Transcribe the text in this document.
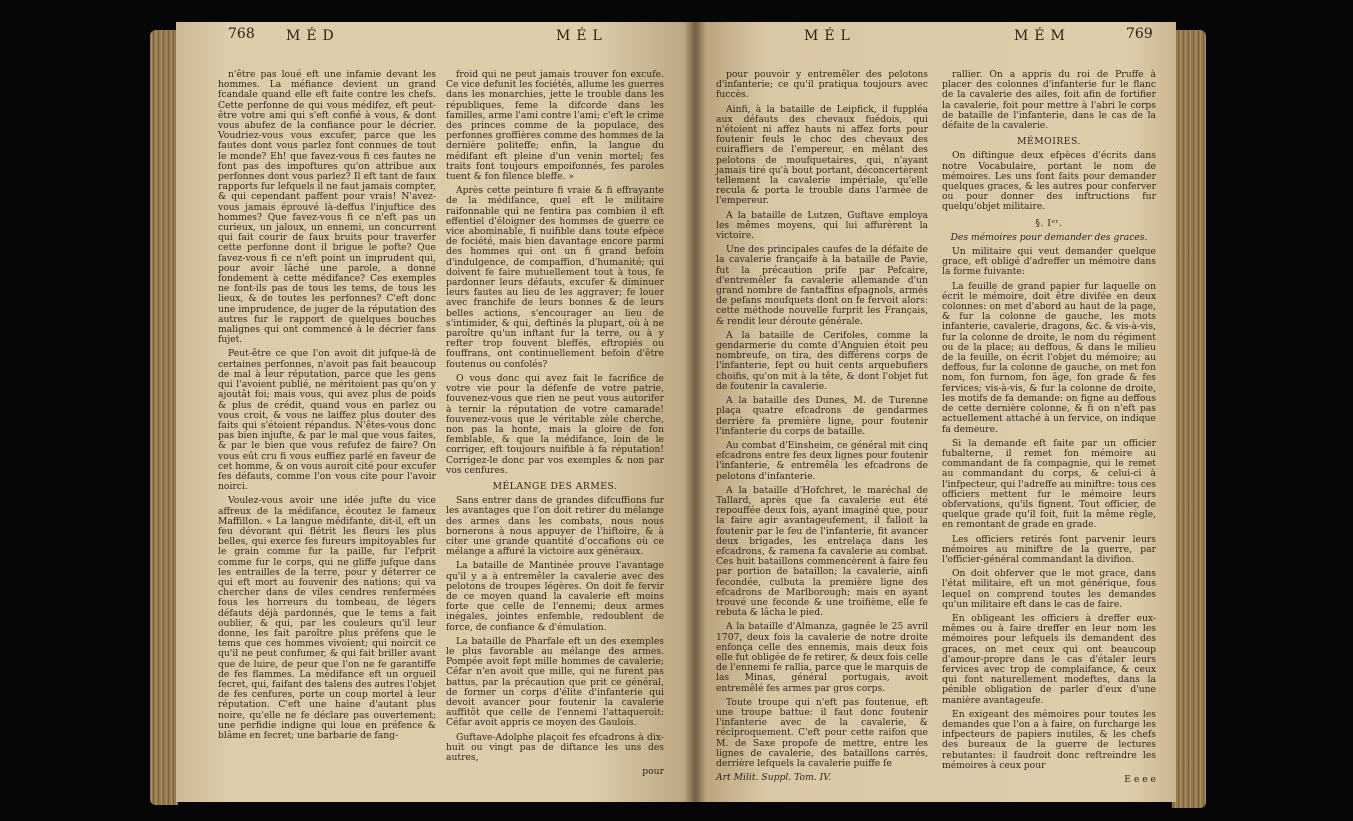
768 MÉD	MÉL

n'être pas loué eft une infamie devant les hommes. La méfiance devient un grand fcandale quand elle eft faite contre les chefs. Cette perfonne de qui vous médifez, eft peut-être votre ami qui s'eft confié à vous, & dont vous abufez de la confiance pour le décrier. Voudriez-vous vous excufer, parce que les fautes dont vous parlez font connues de tout le monde? Eh! que favez-vous fi ces fautes ne font pas des impoftures qu'on attribue aux perfonnes dont vous parlez? Il eft tant de faux rapports fur lefquels il ne faut jamais compter, & qui cependant paffent pour vrais! N'avez-vous jamais éprouvé là-deffus l'injuftice des hommes? Que favez-vous fi ce n'eft pas un curieux, un jaloux, un ennemi, un concurrent qui fait courir de faux bruits pour traverfer cette perfonne dont il brigue le pofte? Que favez-vous fi ce n'eft point un imprudent qui, pour avoir lâché une parole, a donné fondement à cette médifance? Ces exemples ne font-ils pas de tous les tems, de tous les lieux, & de toutes les perfonnes? C'eft donc une imprudence, de juger de la réputation des autres fur le rapport de quelques bouches malignes qui ont commencé à le décrier fans fujet.

Peut-être ce que l'on avoit dit jufque-là de certaines perfonnes, n'avoit pas fait beaucoup de mal à leur réputation, parce que les gens qui l'avoient publié, ne méritoient pas qu'on y ajoutât foi; mais vous, qui avez plus de poids & plus de crédit, quand vous en parlez ou vous croit, & vous ne laiffez plus douter des faits qui s'étoient répandus. N'êtes-vous donc pas bien injufte, & par le mal que vous faites, & par le bien que vous refufez de faire? On vous eût cru fi vous euffiez parlé en faveur de cet homme, & on vous auroit cité pour excufer fes défauts, comme l'on vous cite pour l'avoir noirci.

Voulez-vous avoir une idée jufte du vice affreux de la médifance, écoutez le fameux Maffillon. « La langue médifante, dit-il, eft un feu dévorant qui flétrit les fleurs les plus belles, qui exerce fes fureurs impitoyables fur le grain comme fur la paille, fur l'efprit comme fur le corps, qui ne gliffe jufque dans les entrailles de la terre, pour y déterrer ce qui eft mort au fouvenir des nations; qui va chercher dans de viles cendres renfermées fous les horreurs du tombeau, de légers défauts déjà pardonnés, que le tems a fait oublier, & qui, par les couleurs qu'il leur donne, les fait paroître plus préfens que le tems que ces hommes vivoient; qui noircit ce qu'il ne peut confumer, & qui fait briller avant que de luire, de peur que l'on ne fe garantiffe de fes flammes. La médifance eft un orgueil fecret, qui, faifant des talens des autres l'objet de fes cenfures, porte un coup mortel à leur réputation. C'eft une haine d'autant plus noire, qu'elle ne fe déclare pas ouvertement; une perfidie indigne qui loue en préfence & blâme en fecret; une barbarie de fang-

froid qui ne peut jamais trouver fon excufe. Ce vice defunit les fociétés, allume les guerres dans les monarchies, jette le trouble dans les républiques, feme la difcorde dans les familles, arme l'ami contre l'ami; c'eft le crime des princes comme de la populace, des perfonnes groffières comme des hommes de la dernière politeffe; enfin, la langue du médifant eft pleine d'un venin mortel; fes traits font toujours empoifonnés, fes paroles tuent & fon filence bleffe. »

Après cette peinture fi vraie & fi effrayante de la médifance, quel eft le militaire raifonnable qui ne fentira pas combien il eft effentiel d'éloigner des hommes de guerre ce vice abominable, fi nuifible dans toute efpèce de fociété, mais bien davantage encore parmi des hommes qui ont un fi grand befoin d'indulgence, de compaffion, d'humanité; qui doivent fe faire mutuellement tout à tous, fe pardonner leurs défauts, excufer & diminuer leurs fautes au lieu de les aggraver; fe louer avec franchife de leurs bonnes & de leurs belles actions, s'encourager au lieu de s'intimider, & qui, deftinés la plupart, où à ne paroître qu'un inftant fur la terre, ou à y refter trop fouvent bleffés, eftropiés ou fouffrans, ont continuellement befoin d'être foutenus ou confolés?

O vous donc qui avez fait le facrifice de votre vie pour la défenfe de votre patrie, fouvenez-vous que rien ne peut vous autorifer à ternir la réputation de votre camarade! fouvenez-vous que le véritable zèle cherche, non pas la honte, mais la gloire de fon femblable, & que la médifance, loin de le corriger, eft toujours nuifible à fa réputation! Corrigez-le donc par vos exemples & non par vos cenfures.

MÉLANGE DES ARMES.

Sans entrer dans de grandes difcuffions fur les avantages que l'on doit retirer du mélange des armes dans les combats, nous nous bornerons à nous appuyer de l'hiftoire, & à citer une grande quantité d'occafions où ce mélange a affuré la victoire aux généraux.

La bataille de Mantinée prouve l'avantage qu'il y a à entremêler la cavalerie avec des pelotons de troupes légères. On doit fe fervir de ce moyen quand la cavalerie eft moins forte que celle de l'ennemi; deux armes inégales, jointes enfemble, redoublent de force, de confiance & d'émulation.

La bataille de Pharfale eft un des exemples le plus favorable au mélange des armes. Pompée avoit fept mille hommes de cavalerie; Céfar n'en avoit que mille, qui ne furent pas battus, par la précaution que prit ce général, de former un corps d'élite d'infanterie qui devoit avancer pour foutenir la cavalerie auffitôt que celle de l'ennemi l'attaqueroit: Céfar avoit appris ce moyen des Gaulois.

Guftave-Adolphe plaçoit fes efcadrons à dix-huit ou vingt pas de diftance les uns des autres,

pour

MÉL	MÉM	769

pour pouvoir y entremêler des pelotons d'infanterie; ce qu'il pratiqua toujours avec fuccès.

Ainfi, à la bataille de Leipfick, il fuppléa aux défauts des chevaux fuédois, qui n'étoient ni affez hauts ni affez forts pour foutenir feuls le choc des chevaux des cuiraffiers de l'empereur, en mêlant des pelotons de moufquetaires, qui, n'ayant jamais tiré qu'à bout portant, déconcertèrent tellement la cavalerie impériale, qu'elle recula & porta le trouble dans l'armée de l'empereur.

A la bataille de Lutzen, Guftave employa les mêmes moyens, qui lui affurèrent la victoire.

Une des principales caufes de la défaite de la cavalerie françaife à la bataille de Pavie, fut la précaution prife par Pefcaire, d'entremêler fa cavalerie allemande d'un grand nombre de fantaffins efpagnols, armés de pefans moufquets dont on fe fervoit alors: cette méthode nouvelle furprit les Français, & rendit leur déroute générale.

A la bataille de Cerifoles, comme la gendarmerie du comte d'Anguien étoit peu nombreufe, on tira, des différens corps de l'infanterie, fept ou huit cents arquebufiers choifis, qu'on mit à la tête, & dont l'objet fut de foutenir la cavalerie.

A la bataille des Dunes, M. de Turenne plaça quatre efcadrons de gendarmes derrière fa première ligne, pour foutenir l'infanterie du corps de bataille.

Au combat d'Einsheim, ce général mit cinq efcadrons entre fes deux lignes pour foutenir l'infanterie, & entremêla les efcadrons de pelotons d'infanterie.

A la bataille d'Hofchret, le maréchal de Tallard, après que fa cavalerie eut été repouffée deux fois, ayant imaginé que, pour la faire agir avantageufement, il falloit la foutenir par le feu de l'infanterie, fit avancer deux brigades, les entrelaça dans les efcadrons, & ramena fa cavalerie au combat. Ces huit bataillons commencèrent à faire feu par portion de bataillon; la cavalerie, ainfi fecondée, culbuta la première ligne des efcadrons de Marlborough; mais en ayant trouvé une feconde & une troifième, elle fe rebuta & lâcha le pied.

A la bataille d'Almanza, gagnée le 25 avril 1707, deux fois la cavalerie de notre droite enfonça celle des ennemis, mais deux fois elle fut obligée de fe retirer, & deux fois celle de l'ennemi fe rallia, parce que le marquis de las Minas, général portugais, avoit entremêlé fes armes par gros corps.

Toute troupe qui n'eft pas foutenue, eft une troupe battue: il faut donc foutenir l'infanterie avec de la cavalerie, & réciproquement. C'eft pour cette raifon que M. de Saxe propofe de mettre, entre les lignes de cavalerie, des bataillons carrés, derrière lefquels la cavalerie puiffe fe

Art Milit. Suppl. Tom. IV.

rallier. On a appris du roi de Pruffe à placer des colonnes d'infanterie fur le flanc de la cavalerie des ailes, foit afin de fortifier la cavalerie, foit pour mettre à l'abri le corps de bataille de l'infanterie, dans le cas de la défaite de la cavalerie.

MÉMOIRES.

On diftingue deux efpèces d'écrits dans notre Vocabulaire, portant le nom de mémoires. Les uns font faits pour demander quelques graces, & les autres pour conferver ou pour donner des inftructions fur quelqu'objet militaire.

§. Iᵉʳ.

Des mémoires pour demander des graces.

Un militaire qui veut demander quelque grace, eft obligé d'adreffer un mémoire dans la forme fuivante:

La feuille de grand papier fur laquelle on écrit le mémoire, doit être divifée en deux colonnes: on met d'abord au haut de la page, & fur la colonne de gauche, les mots infanterie, cavalerie, dragons, &c. & vis-à-vis, fur la colonne de droite, le nom du régiment ou de la place; au deffous, & dans le milieu de la feuille, on écrit l'objet du mémoire; au deffous, fur la colonne de gauche, on met fon nom, fon furnom, fon âge, fon grade & fes fervices; vis-à-vis, & fur la colonne de droite, les motifs de fa demande: on figne au deffous de cette dernière colonne, & fi on n'eft pas actuellement attaché à un fervice, on indique fa demeure.

Si la demande eft faite par un officier fubalterne, il remet fon mémoire au commandant de fa compagnie, qui le remet au commandant du corps, & celui-ci à l'infpecteur, qui l'adreffe au miniftre: tous ces officiers mettent fur le mémoire leurs obfervations, qu'ils fignent. Tout officier, de quelque grade qu'il foit, fuit la même règle, en remontant de grade en grade.

Les officiers retirés font parvenir leurs mémoires au miniftre de la guerre, par l'officier-général commandant la divifion.

On doit obferver que le mot grace, dans l'état militaire, eft un mot générique, fous lequel on comprend toutes les demandes qu'un militaire eft dans le cas de faire.

En obligeant les officiers à dreffer eux-mêmes ou à faire dreffer en leur nom les mémoires pour lefquels ils demandent des graces, on met ceux qui ont beaucoup d'amour-propre dans le cas d'étaler leurs fervices avec trop de complaifance, & ceux qui font naturellement modeftes, dans la pénible obligation de parler d'eux d'une manière avantageufe.

En exigeant des mémoires pour toutes les demandes que l'on a à faire, on furcharge les infpecteurs de papiers inutiles, & les chefs des bureaux de la guerre de lectures rebutantes: il faudroit donc reftreindre les mémoires à ceux pour

E e e e
